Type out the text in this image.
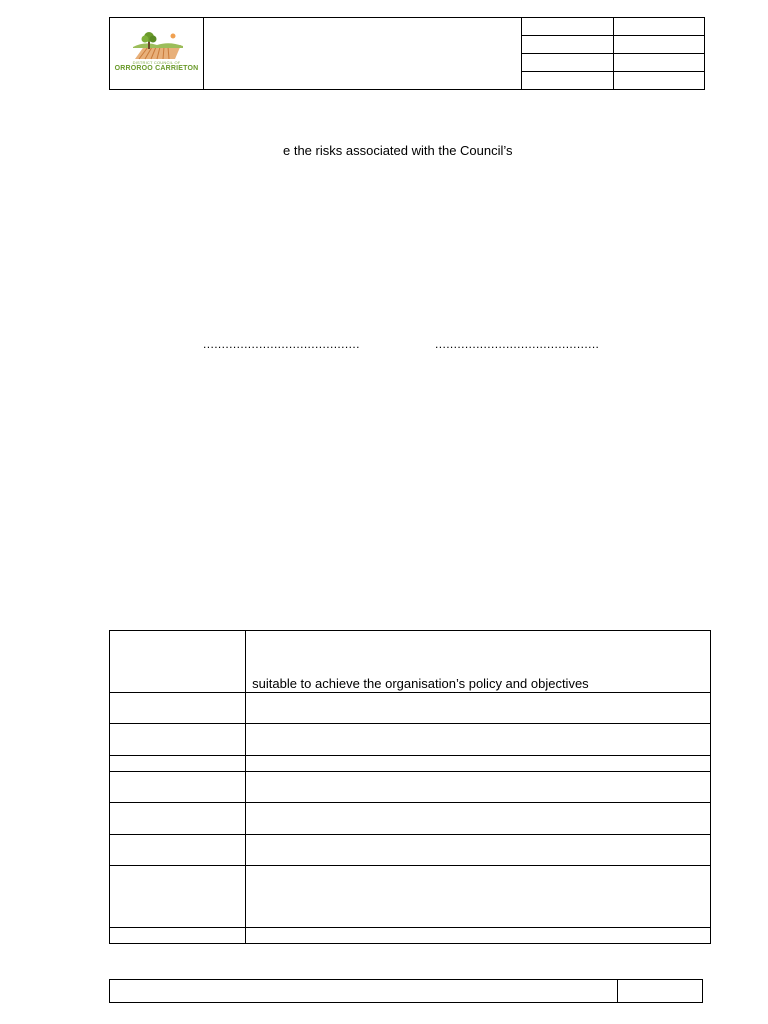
DISTRICT COUNCIL OF
ORROROO CARRIETON			

e the risks associated with the Council’s
..........................................	............................................
	suitable to achieve the organisation’s policy and objectives
